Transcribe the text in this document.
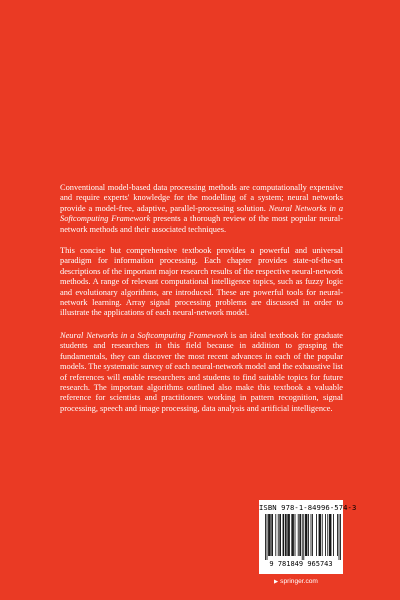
Conventional model-based data processing methods are computationally expensive and require experts' knowledge for the modelling of a system; neural networks provide a model-free, adaptive, parallel-processing solution. Neural Networks in a Softcomputing Framework presents a thorough review of the most popular neural-network methods and their associated techniques.

This concise but comprehensive textbook provides a powerful and universal paradigm for information processing. Each chapter provides state-of-the-art descriptions of the important major research results of the respective neural-network methods. A range of relevant computational intelligence topics, such as fuzzy logic and evolutionary algorithms, are introduced. These are powerful tools for neural-network learning. Array signal processing problems are discussed in order to illustrate the applications of each neural-network model.

Neural Networks in a Softcomputing Framework is an ideal textbook for graduate students and researchers in this field because in addition to grasping the fundamentals, they can discover the most recent advances in each of the popular models. The systematic survey of each neural-network model and the exhaustive list of references will enable researchers and students to find suitable topics for future research. The important algorithms outlined also make this textbook a valuable reference for scientists and practitioners working in pattern recognition, signal processing, speech and image processing, data analysis and artificial intelligence.

ISBN 978-1-84996-574-3
9 781849 965743
▶ springer.com
